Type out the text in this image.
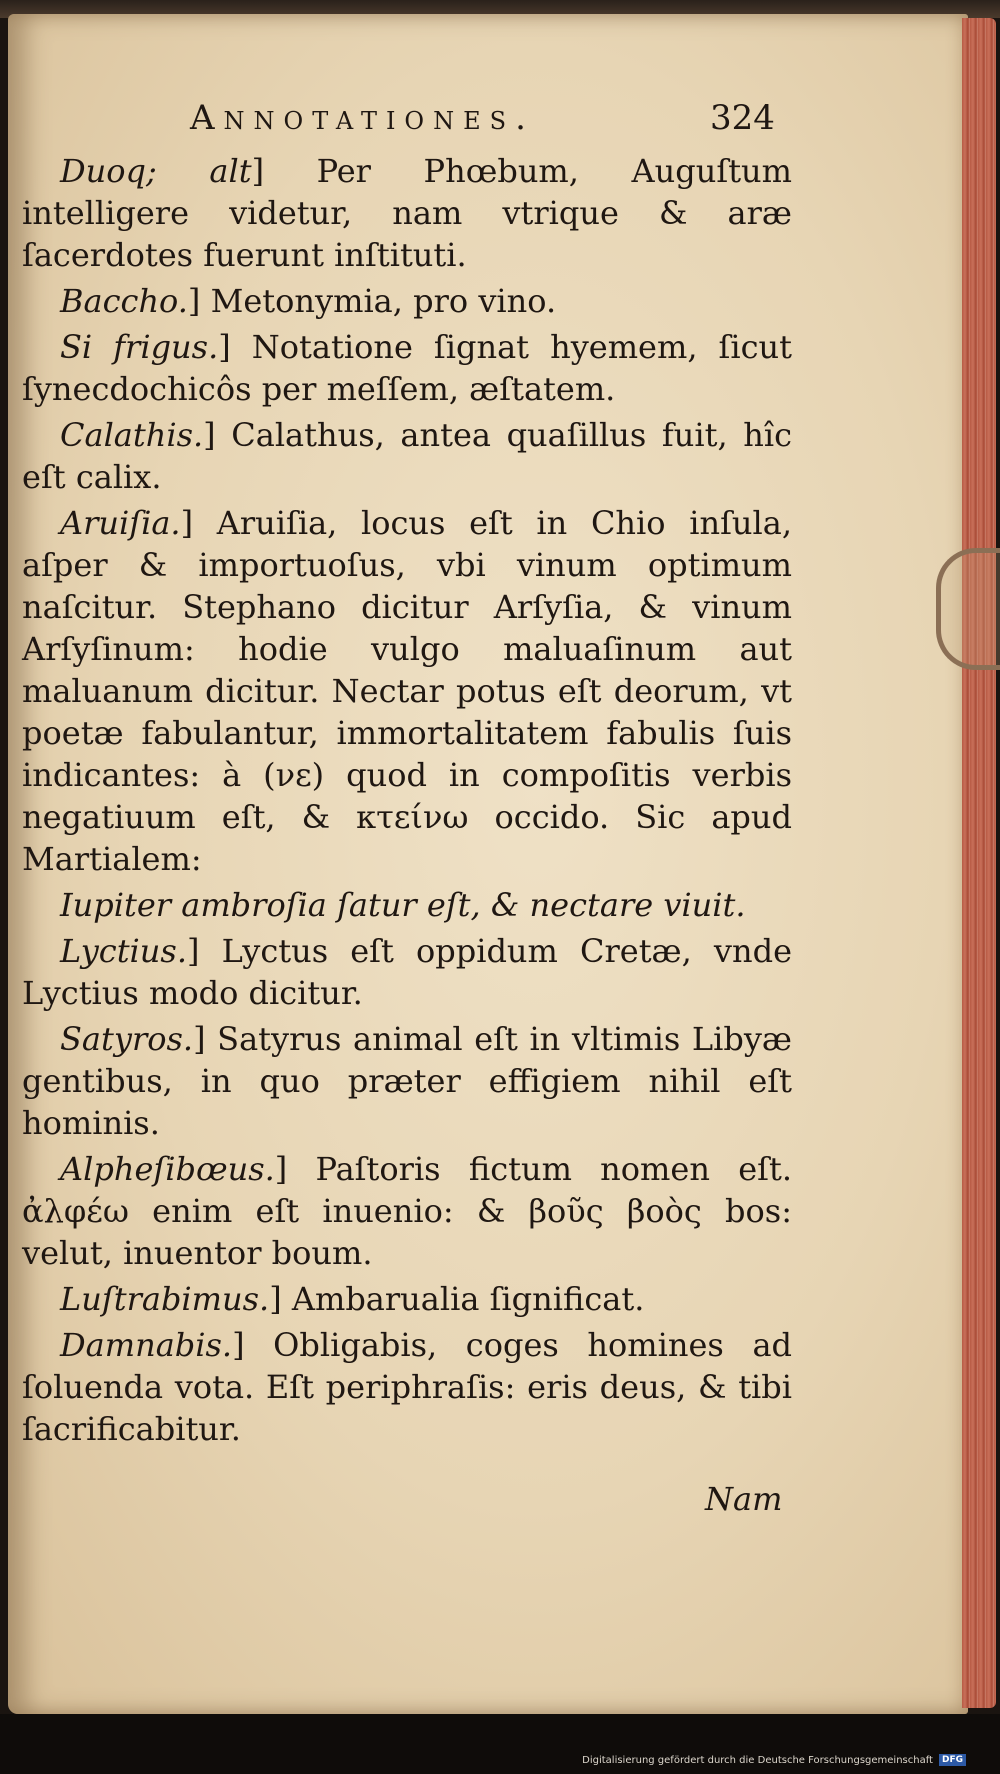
Annotationes.	324

Duoq; alt] Per Phœbum, Auguſtum intelligere videtur, nam vtrique & aræ ſacerdotes fuerunt inſtituti.

Baccho.] Metonymia, pro vino.

Si frigus.] Notatione ſignat hyemem, ſicut ſynecdochicôs per meſſem, æſtatem.

Calathis.] Calathus, antea quaſillus fuit, hîc eſt calix.

Aruiſia.] Aruiſia, locus eſt in Chio inſula, aſper & importuoſus, vbi vinum optimum naſcitur. Stephano dicitur Arſyſia, & vinum Arſyſinum: hodie vulgo maluaſinum aut maluanum dicitur. Nectar potus eſt deorum, vt poetæ fabulantur, immortalitatem fabulis ſuis indicantes: à (νε) quod in compoſitis verbis negatiuum eſt, & κτείνω occido. Sic apud Martialem:

Iupiter ambroſia ſatur eſt, & nectare viuit.

Lyctius.] Lyctus eſt oppidum Cretæ, vnde Lyctius modo dicitur.

Satyros.] Satyrus animal eſt in vltimis Libyæ gentibus, in quo præter effigiem nihil eſt hominis.

Alpheſibœus.] Paſtoris fictum nomen eſt. ἀλφέω enim eſt inuenio: & βοῦς βοὸς bos: velut, inuentor boum.

Luſtrabimus.] Ambarualia ſignificat.

Damnabis.] Obligabis, coges homines ad ſoluenda vota. Eſt periphraſis: eris deus, & tibi ſacrificabitur.

Nam
Digitalisierung gefördert durch die Deutsche Forschungsgemeinschaft	DFG
